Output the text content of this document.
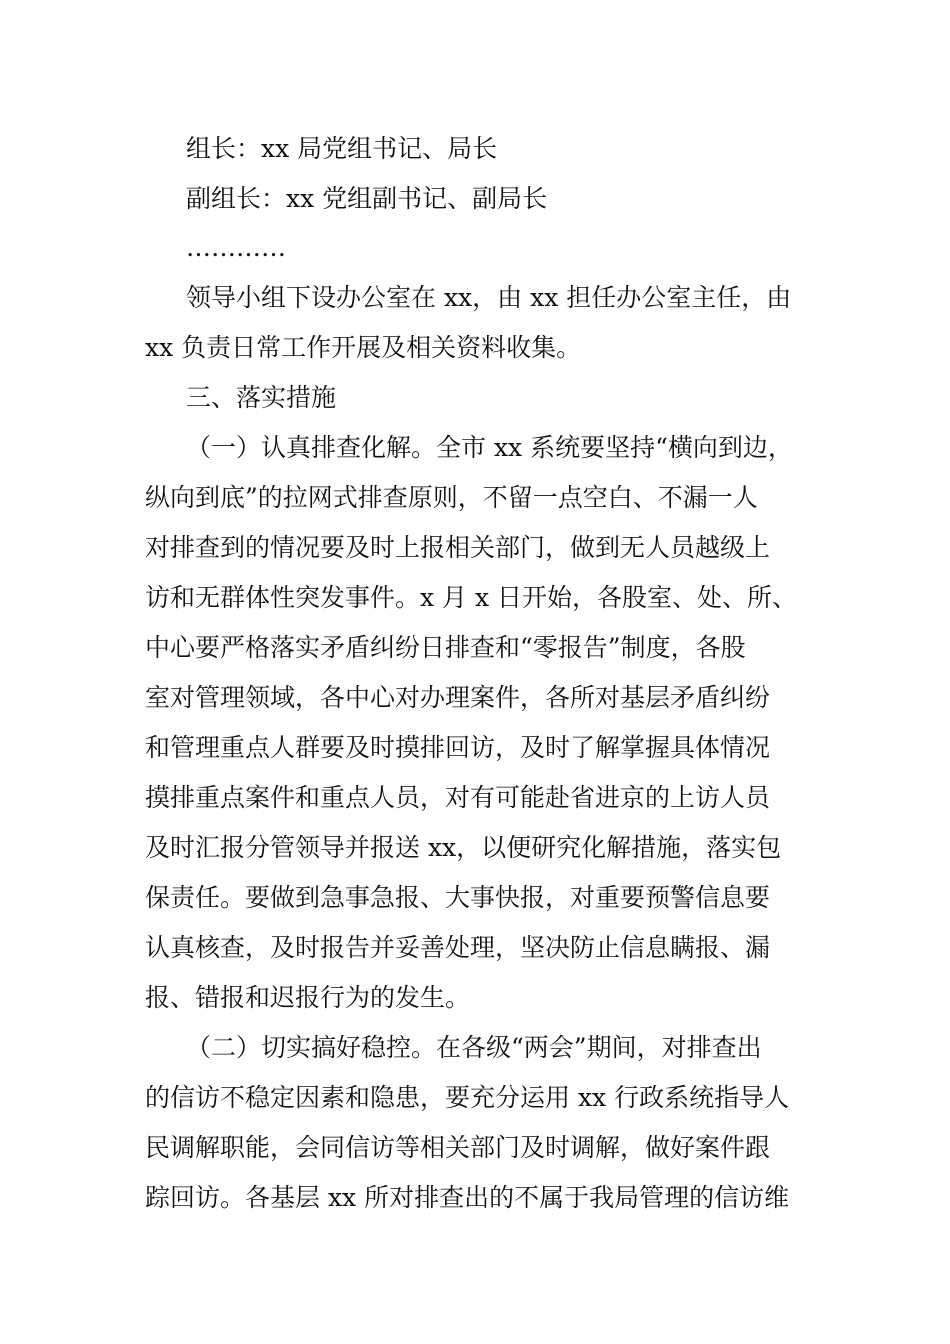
组长：xx 局党组书记、局长
副组长：xx 党组副书记、副局长
…………
领导小组下设办公室在 xx，由 xx 担任办公室主任，由
xx 负责日常工作开展及相关资料收集。
三、落实措施
（一）认真排查化解。全市 xx 系统要坚持“横向到边，
纵向到底”的拉网式排查原则，不留一点空白、不漏一人
对排查到的情况要及时上报相关部门，做到无人员越级上
访和无群体性突发事件。x 月 x 日开始，各股室、处、所、
中心要严格落实矛盾纠纷日排查和“零报告”制度，各股
室对管理领域，各中心对办理案件，各所对基层矛盾纠纷
和管理重点人群要及时摸排回访，及时了解掌握具体情况
摸排重点案件和重点人员，对有可能赴省进京的上访人员
及时汇报分管领导并报送 xx，以便研究化解措施，落实包
保责任。要做到急事急报、大事快报，对重要预警信息要
认真核查，及时报告并妥善处理，坚决防止信息瞒报、漏
报、错报和迟报行为的发生。
（二）切实搞好稳控。在各级“两会”期间，对排查出
的信访不稳定因素和隐患，要充分运用 xx 行政系统指导人
民调解职能，会同信访等相关部门及时调解，做好案件跟
踪回访。各基层 xx 所对排查出的不属于我局管理的信访维
